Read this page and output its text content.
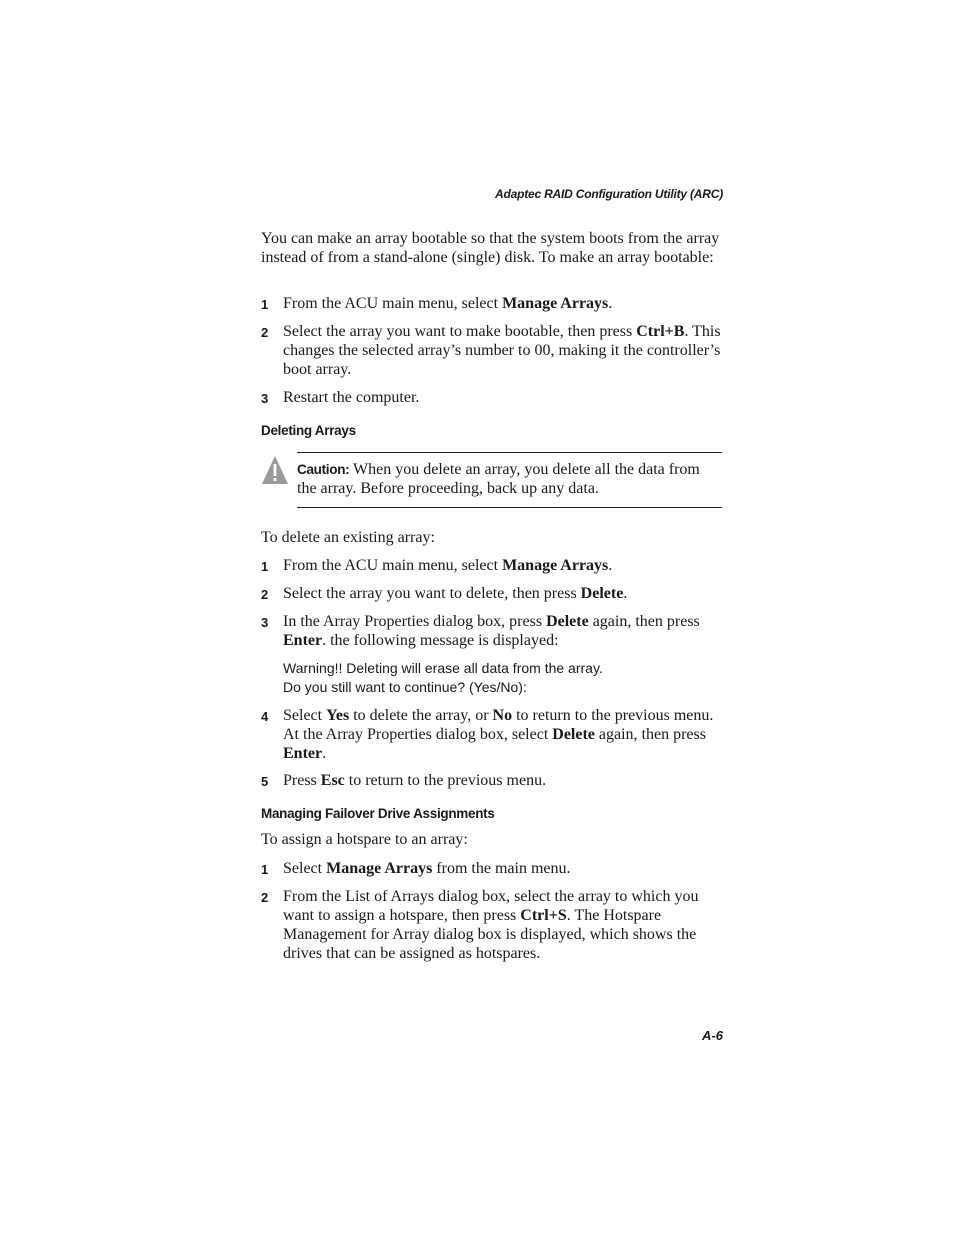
Adaptec RAID Configuration Utility (ARC)
You can make an array bootable so that the system boots from the array instead of from a stand-alone (single) disk. To make an array bootable:
1 From the ACU main menu, select Manage Arrays.
2 Select the array you want to make bootable, then press Ctrl+B. This changes the selected array’s number to 00, making it the controller’s boot array.
3 Restart the computer.
Deleting Arrays
Caution: When you delete an array, you delete all the data from the array. Before proceeding, back up any data.
To delete an existing array:
1 From the ACU main menu, select Manage Arrays.
2 Select the array you want to delete, then press Delete.
3 In the Array Properties dialog box, press Delete again, then press Enter. the following message is displayed:
Warning!! Deleting will erase all data from the array.
Do you still want to continue? (Yes/No):
4 Select Yes to delete the array, or No to return to the previous menu. At the Array Properties dialog box, select Delete again, then press Enter.
5 Press Esc to return to the previous menu.
Managing Failover Drive Assignments
To assign a hotspare to an array:
1 Select Manage Arrays from the main menu.
2 From the List of Arrays dialog box, select the array to which you want to assign a hotspare, then press Ctrl+S. The Hotspare Management for Array dialog box is displayed, which shows the drives that can be assigned as hotspares.
A-6
